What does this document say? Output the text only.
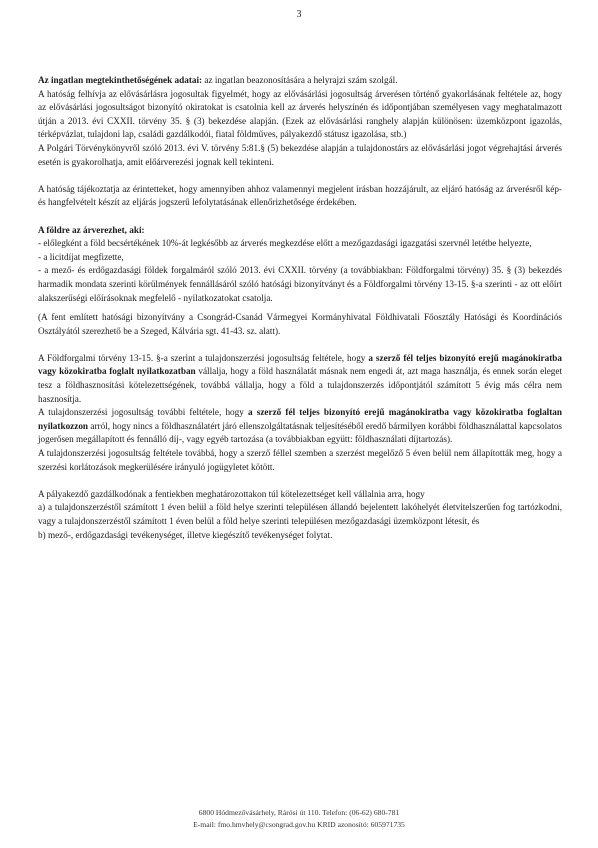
3

Az ingatlan megtekinthetőségének adatai: az ingatlan beazonosítására a helyrajzi szám szolgál.

A hatóság felhívja az elővásárlásra jogosultak figyelmét, hogy az elővásárlási jogosultság árverésen történő gyakorlásának feltétele az, hogy az elővásárlási jogosultságot bizonyító okiratokat is csatolnia kell az árverés helyszínén és időpontjában személyesen vagy meghatalmazott útján a 2013. évi CXXII. törvény 35. § (3) bekezdése alapján. (Ezek az elővásárlási ranghely alapján különösen: üzemközpont igazolás, térképvázlat, tulajdoni lap, családi gazdálkodói, fiatal földműves, pályakezdő státusz igazolása, stb.)

A Polgári Törvénykönyvről szóló 2013. évi V. törvény 5:81.§ (5) bekezdése alapján a tulajdonostárs az elővásárlási jogot végrehajtási árverés esetén is gyakorolhatja, amit előárverezési jognak kell tekinteni.

A hatóság tájékoztatja az érintetteket, hogy amennyiben ahhoz valamennyi megjelent írásban hozzájárult, az eljáró hatóság az árverésről kép- és hangfelvételt készít az eljárás jogszerű lefolytatásának ellenőrizhetősége érdekében.

A földre az árverezhet, aki:

- előlegként a föld becsértékének 10%-át legkésőbb az árverés megkezdése előtt a mezőgazdasági igazgatási szervnél letétbe helyezte,

- a licitdíjat megfizette,

- a mező- és erdőgazdasági földek forgalmáról szóló 2013. évi CXXII. törvény (a továbbiakban: Földforgalmi törvény) 35. § (3) bekezdés harmadik mondata szerinti körülmények fennállásáról szóló hatósági bizonyítványt és a Földforgalmi törvény 13-15. §-a szerinti - az ott előírt alakszerűségi előírásoknak megfelelő - nyilatkozatokat csatolja.

(A fent említett hatósági bizonyítvány a Csongrád-Csanád Vármegyei Kormányhivatal Földhivatali Főosztály Hatósági és Koordinációs Osztályától szerezhető be a Szeged, Kálvária sgt. 41-43. sz. alatt).

A Földforgalmi törvény 13-15. §-a szerint a tulajdonszerzési jogosultság feltétele, hogy a szerző fél teljes bizonyító erejű magánokiratba vagy közokiratba foglalt nyilatkozatban vállalja, hogy a föld használatát másnak nem engedi át, azt maga használja, és ennek során eleget tesz a földhasznosítási kötelezettségének, továbbá vállalja, hogy a föld a tulajdonszerzés időpontjától számított 5 évig más célra nem hasznosítja.

A tulajdonszerzési jogosultság további feltétele, hogy a szerző fél teljes bizonyító erejű magánokiratba vagy közokiratba foglaltan nyilatkozzon arról, hogy nincs a földhasználatért járó ellenszolgáltatásnak teljesítéséből eredő bármilyen korábbi földhasználattal kapcsolatos jogerősen megállapított és fennálló díj-, vagy egyéb tartozása (a továbbiakban együtt: földhasználati díjtartozás).

A tulajdonszerzési jogosultság feltétele továbbá, hogy a szerző féllel szemben a szerzést megelőző 5 éven belül nem állapították meg, hogy a szerzési korlátozások megkerülésére irányuló jogügyletet kötött.

A pályakezdő gazdálkodónak a fentiekben meghatározottakon túl kötelezettséget kell vállalnia arra, hogy

a) a tulajdonszerzéstől számított 1 éven belül a föld helye szerinti településen állandó bejelentett lakóhelyét életvitelszerűen fog tartózkodni, vagy a tulajdonszerzéstől számított 1 éven belül a föld helye szerinti településen mezőgazdasági üzemközpont létesít, és

b) mező-, erdőgazdasági tevékenységet, illetve kiegészítő tevékenységet folytat.

6800 Hódmezővásárhely, Rárósi út 110. Telefon: (06-62) 680-781
E-mail: fmo.hmvhely@csongrad.gov.hu KRID azonosító: 605971735
